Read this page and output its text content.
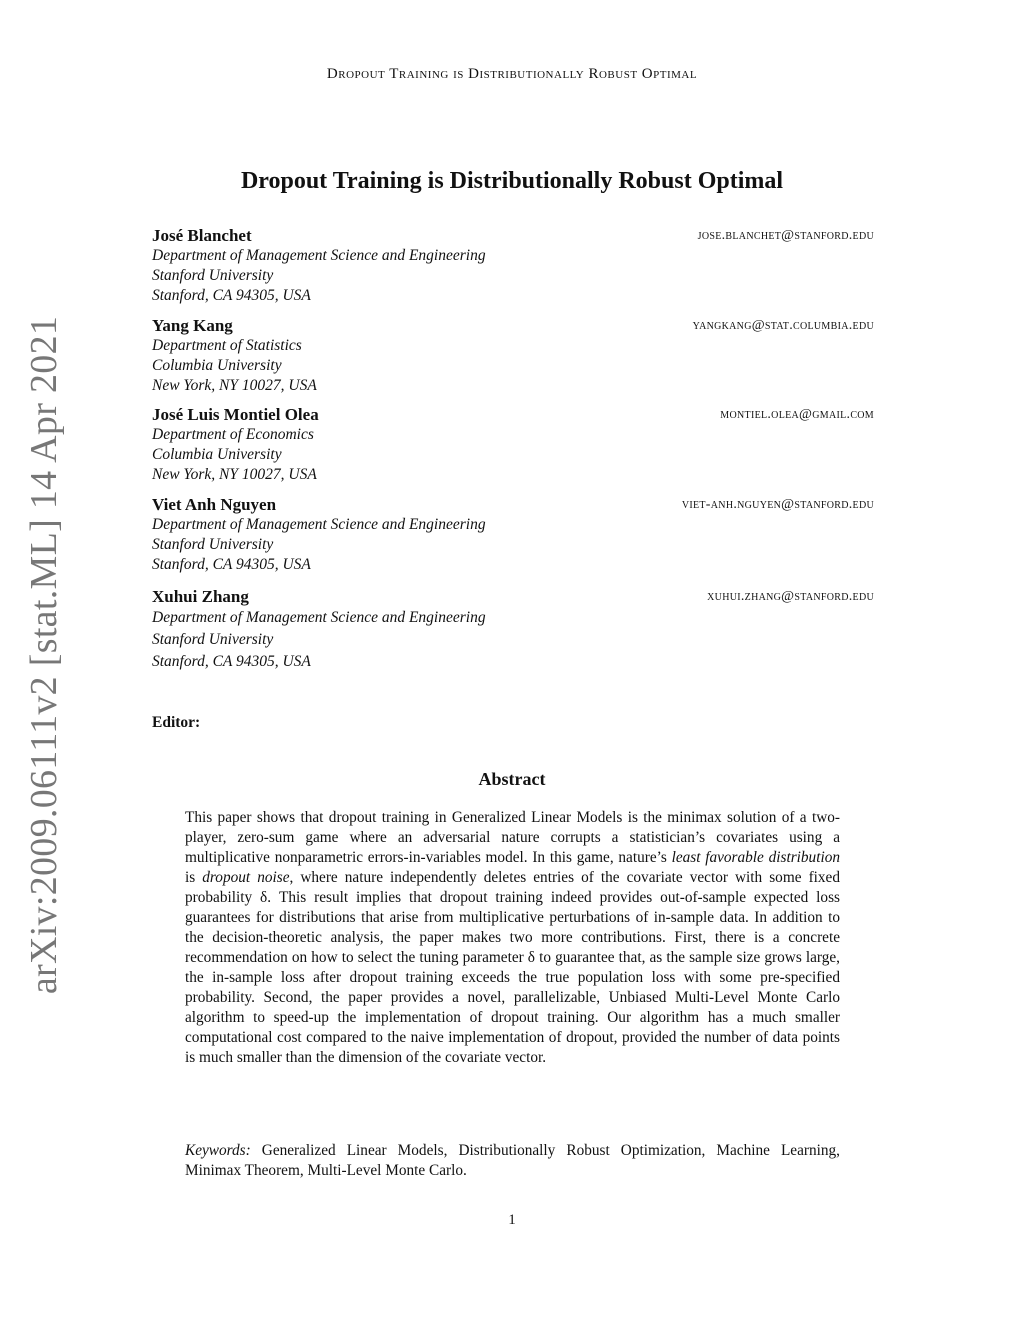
Dropout Training is Distributionally Robust Optimal
arXiv:2009.06111v2 [stat.ML] 14 Apr 2021
Dropout Training is Distributionally Robust Optimal
José Blanchet	jose.blanchet@stanford.edu
Department of Management Science and Engineering
Stanford University
Stanford, CA 94305, USA
Yang Kang	yangkang@stat.columbia.edu
Department of Statistics
Columbia University
New York, NY 10027, USA
José Luis Montiel Olea	montiel.olea@gmail.com
Department of Economics
Columbia University
New York, NY 10027, USA
Viet Anh Nguyen	viet-anh.nguyen@stanford.edu
Department of Management Science and Engineering
Stanford University
Stanford, CA 94305, USA
Xuhui Zhang	xuhui.zhang@stanford.edu
Department of Management Science and Engineering
Stanford University
Stanford, CA 94305, USA
Editor:
Abstract
This paper shows that dropout training in Generalized Linear Models is the minimax solution of a two-player, zero-sum game where an adversarial nature corrupts a statistician’s covariates using a multiplicative nonparametric errors-in-variables model. In this game, nature’s least favorable distribution is dropout noise, where nature independently deletes entries of the covariate vector with some fixed probability δ. This result implies that dropout training indeed provides out-of-sample expected loss guarantees for distributions that arise from multiplicative perturbations of in-sample data. In addition to the decision-theoretic analysis, the paper makes two more contributions. First, there is a concrete recommendation on how to select the tuning parameter δ to guarantee that, as the sample size grows large, the in-sample loss after dropout training exceeds the true population loss with some pre-specified probability. Second, the paper provides a novel, parallelizable, Unbiased Multi-Level Monte Carlo algorithm to speed-up the implementation of dropout training. Our algorithm has a much smaller computational cost compared to the naive implementation of dropout, provided the number of data points is much smaller than the dimension of the covariate vector.
Keywords: Generalized Linear Models, Distributionally Robust Optimization, Machine Learning, Minimax Theorem, Multi-Level Monte Carlo.
1
